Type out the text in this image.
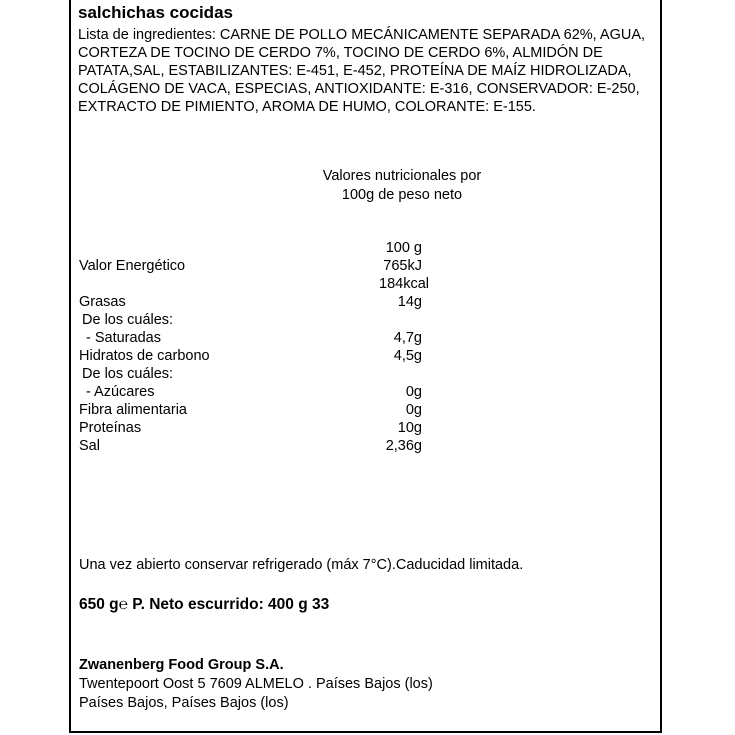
salchichas cocidas
Lista de ingredientes: CARNE DE POLLO MECÁNICAMENTE SEPARADA 62%, AGUA, CORTEZA DE TOCINO DE CERDO 7%, TOCINO DE CERDO 6%, ALMIDÓN DE PATATA,SAL, ESTABILIZANTES: E-451, E-452, PROTEÍNA DE MAÍZ HIDROLIZADA, COLÁGENO DE VACA, ESPECIAS, ANTIOXIDANTE: E-316, CONSERVADOR: E-250, EXTRACTO DE PIMIENTO, AROMA DE HUMO, COLORANTE: E-155.
Valores nutricionales por
100g de peso neto
100 g
Valor Energético	765kJ
184kcal
Grasas	14g
De los cuáles:
- Saturadas	4,7g
Hidratos de carbono	4,5g
De los cuáles:
- Azúcares	0g
Fibra alimentaria	0g
Proteínas	10g
Sal	2,36g
Una vez abierto conservar refrigerado (máx 7°C).Caducidad limitada.
650 g℮ P. Neto escurrido: 400 g 33
Zwanenberg Food Group S.A.
Twentepoort Oost 5 7609 ALMELO . Países Bajos (los)
Países Bajos, Países Bajos (los)
